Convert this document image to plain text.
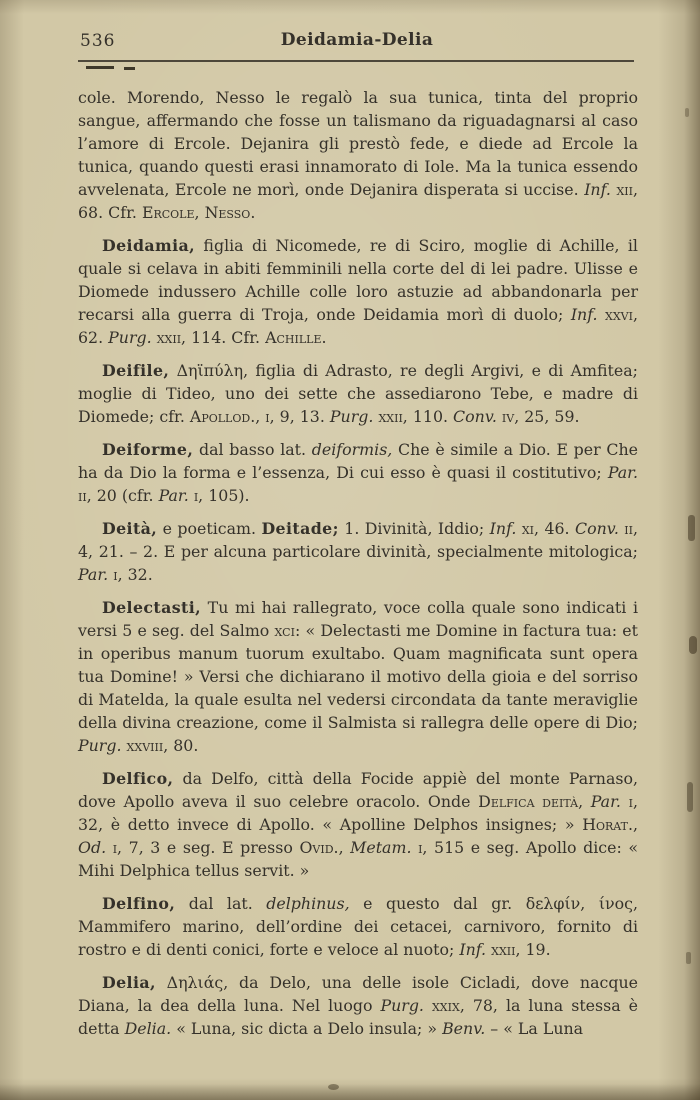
536	Deidamia-Delia

cole. Morendo, Nesso le regalò la sua tunica, tinta del proprio sangue, affermando che fosse un talismano da riguadagnarsi al caso l’amore di Ercole. Dejanira gli prestò fede, e diede ad Ercole la tunica, quando questi erasi innamorato di Iole. Ma la tunica essendo avvelenata, Ercole ne morì, onde Dejanira disperata si uccise. Inf. xii, 68. Cfr. Ercole, Nesso.

Deidamia, figlia di Nicomede, re di Sciro, moglie di Achille, il quale si celava in abiti femminili nella corte del di lei padre. Ulisse e Diomede indussero Achille colle loro astuzie ad abbandonarla per recarsi alla guerra di Troja, onde Deidamia morì di duolo; Inf. xxvi, 62. Purg. xxii, 114. Cfr. Achille.

Deifile, Δηϊπύλη, figlia di Adrasto, re degli Argivi, e di Amfitea; moglie di Tideo, uno dei sette che assediarono Tebe, e madre di Diomede; cfr. Apollod., i, 9, 13. Purg. xxii, 110. Conv. iv, 25, 59.

Deiforme, dal basso lat. deiformis, Che è simile a Dio. E per Che ha da Dio la forma e l’essenza, Di cui esso è quasi il costitutivo; Par. ii, 20 (cfr. Par. i, 105).

Deità, e poeticam. Deitade; 1. Divinità, Iddio; Inf. xi, 46. Conv. ii, 4, 21. – 2. E per alcuna particolare divinità, specialmente mitologica; Par. i, 32.

Delectasti, Tu mi hai rallegrato, voce colla quale sono indicati i versi 5 e seg. del Salmo xci: « Delectasti me Domine in factura tua: et in operibus manum tuorum exultabo. Quam magnificata sunt opera tua Domine! » Versi che dichiarano il motivo della gioia e del sorriso di Matelda, la quale esulta nel vedersi circondata da tante meraviglie della divina creazione, come il Salmista si rallegra delle opere di Dio; Purg. xxviii, 80.

Delfico, da Delfo, città della Focide appiè del monte Parnaso, dove Apollo aveva il suo celebre oracolo. Onde Delfica deità, Par. i, 32, è detto invece di Apollo. « Apolline Delphos insignes; » Horat., Od. i, 7, 3 e seg. E presso Ovid., Metam. i, 515 e seg. Apollo dice: « Mihi Delphica tellus servit. »

Delfino, dal lat. delphinus, e questo dal gr. δελφίν, ίνος, Mammifero marino, dell’ordine dei cetacei, carnivoro, fornito di rostro e di denti conici, forte e veloce al nuoto; Inf. xxii, 19.

Delia, Δηλιάς, da Delo, una delle isole Cicladi, dove nacque Diana, la dea della luna. Nel luogo Purg. xxix, 78, la luna stessa è detta Delia. « Luna, sic dicta a Delo insula; » Benv. – « La Luna
